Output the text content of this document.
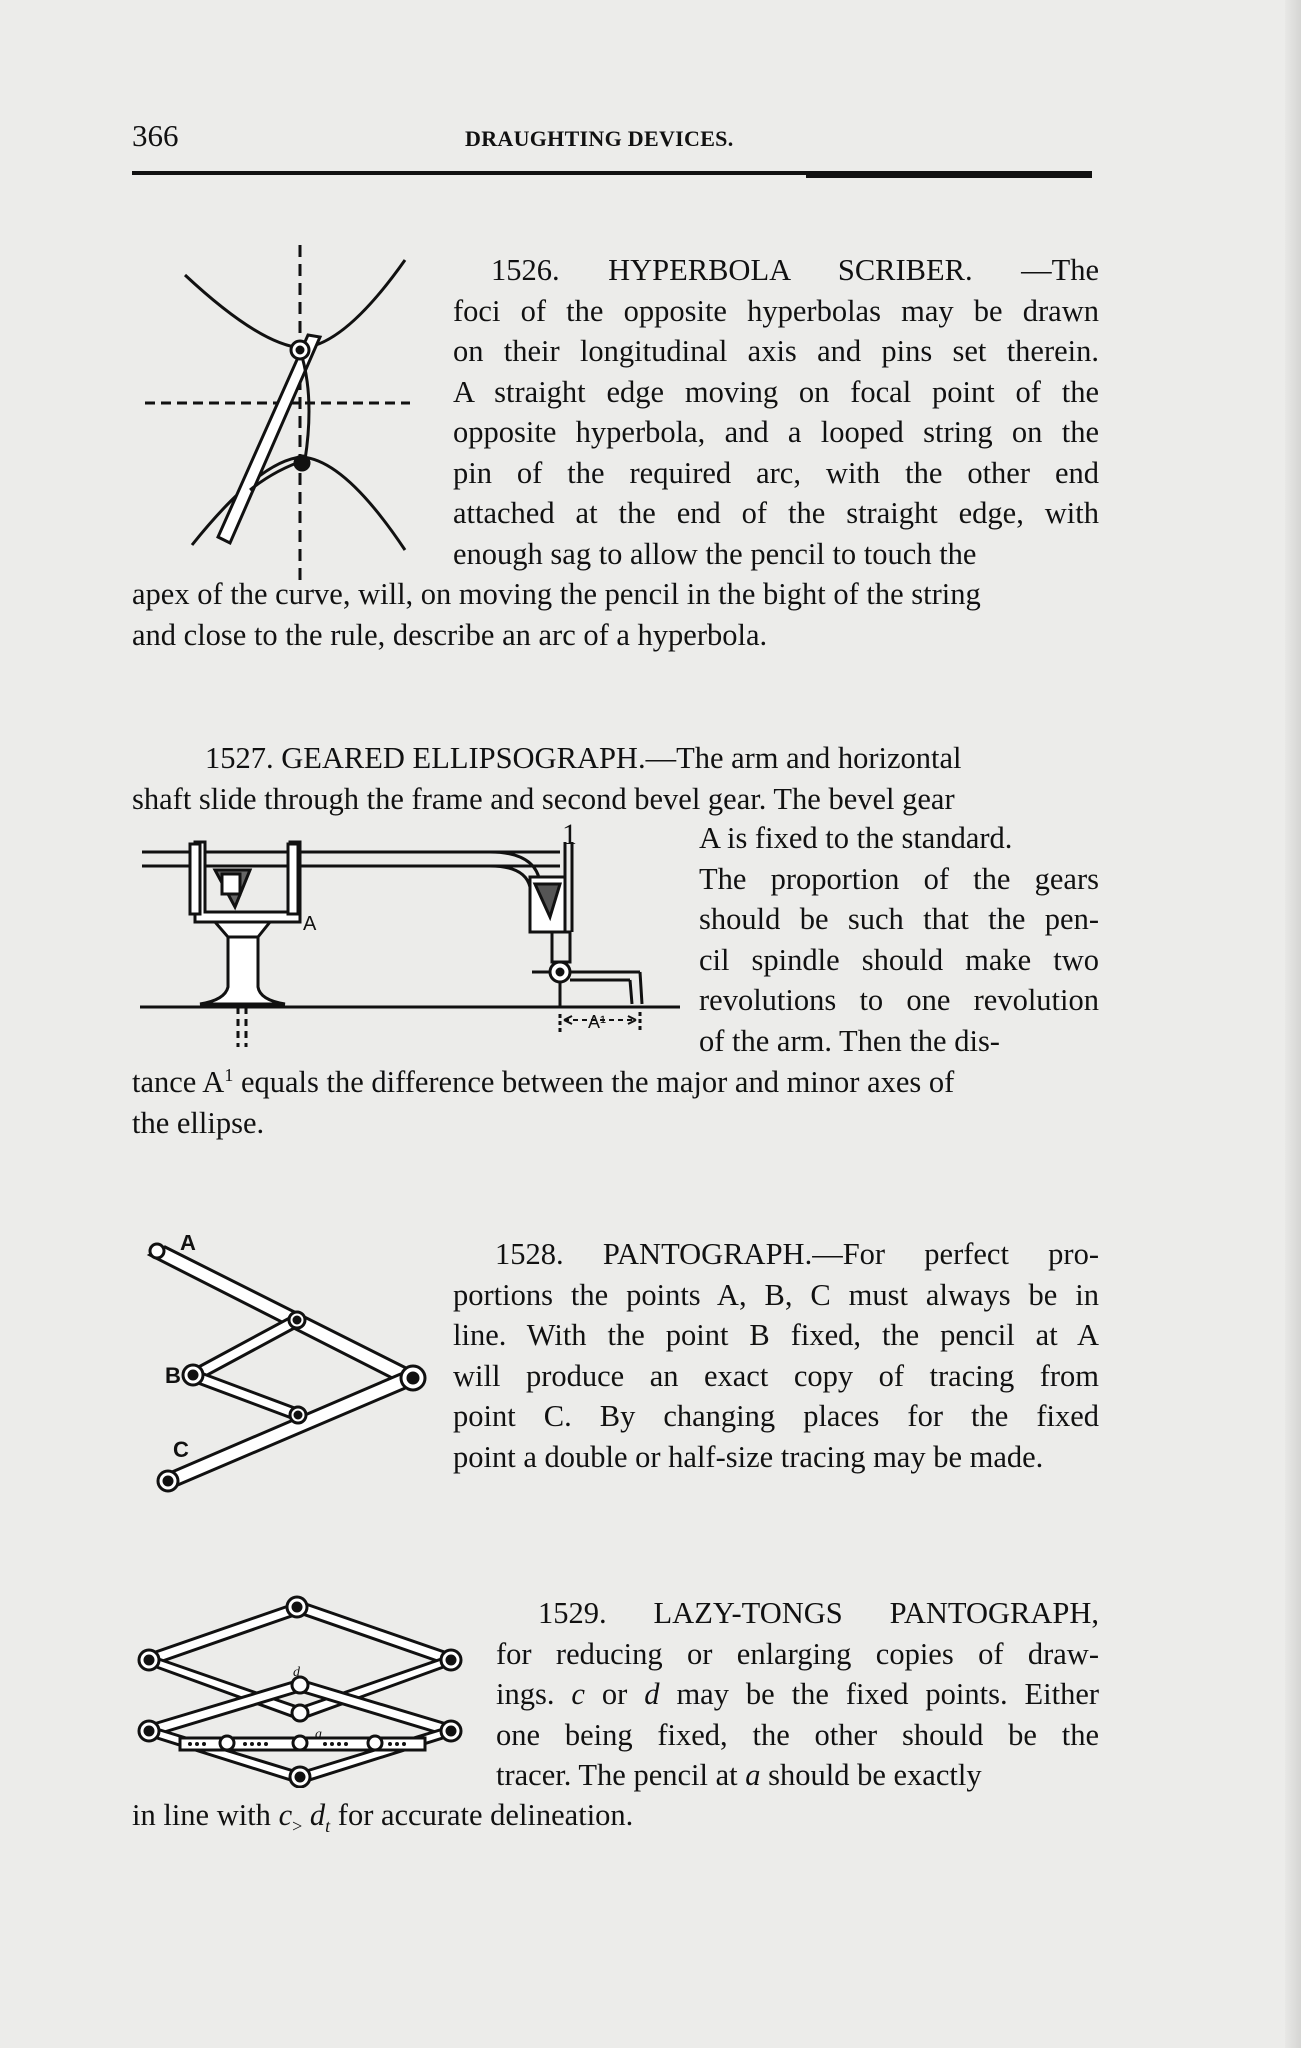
366	DRAUGHTING DEVICES.
1526. HYPERBOLA SCRIBER. —The
foci of the opposite hyperbolas may be drawn
on their longitudinal axis and pins set therein.
A straight edge moving on focal point of the
opposite hyperbola, and a looped string on the
pin of the required arc, with the other end
attached at the end of the straight edge, with
enough sag to allow the pencil to touch the
apex of the curve, will, on moving the pencil in the bight of the string
and close to the rule, describe an arc of a hyperbola.
1527. GEARED ELLIPSOGRAPH.—The arm and horizontal
shaft slide through the frame and second bevel gear. The bevel gear
A
A¹
1	A is fixed to the standard.
The proportion of the gears
should be such that the pen-
cil spindle should make two
revolutions to one revolution
of the arm. Then the dis-
tance $A^1$ equals the difference between the major and minor axes of
the ellipse.
A
B
C
1528. PANTOGRAPH.—For perfect pro-
portions the points A, B, C must always be in
line. With the point B fixed, the pencil at A
will produce an exact copy of tracing from
point C. By changing places for the fixed
point a double or half-size tracing may be made.
d
a
1529. LAZY-TONGS PANTOGRAPH,
for reducing or enlarging copies of draw-
ings. c or d may be the fixed points. Either
one being fixed, the other should be the
tracer. The pencil at a should be exactly
in line with $c_>$ $d_t$ for accurate delineation.
